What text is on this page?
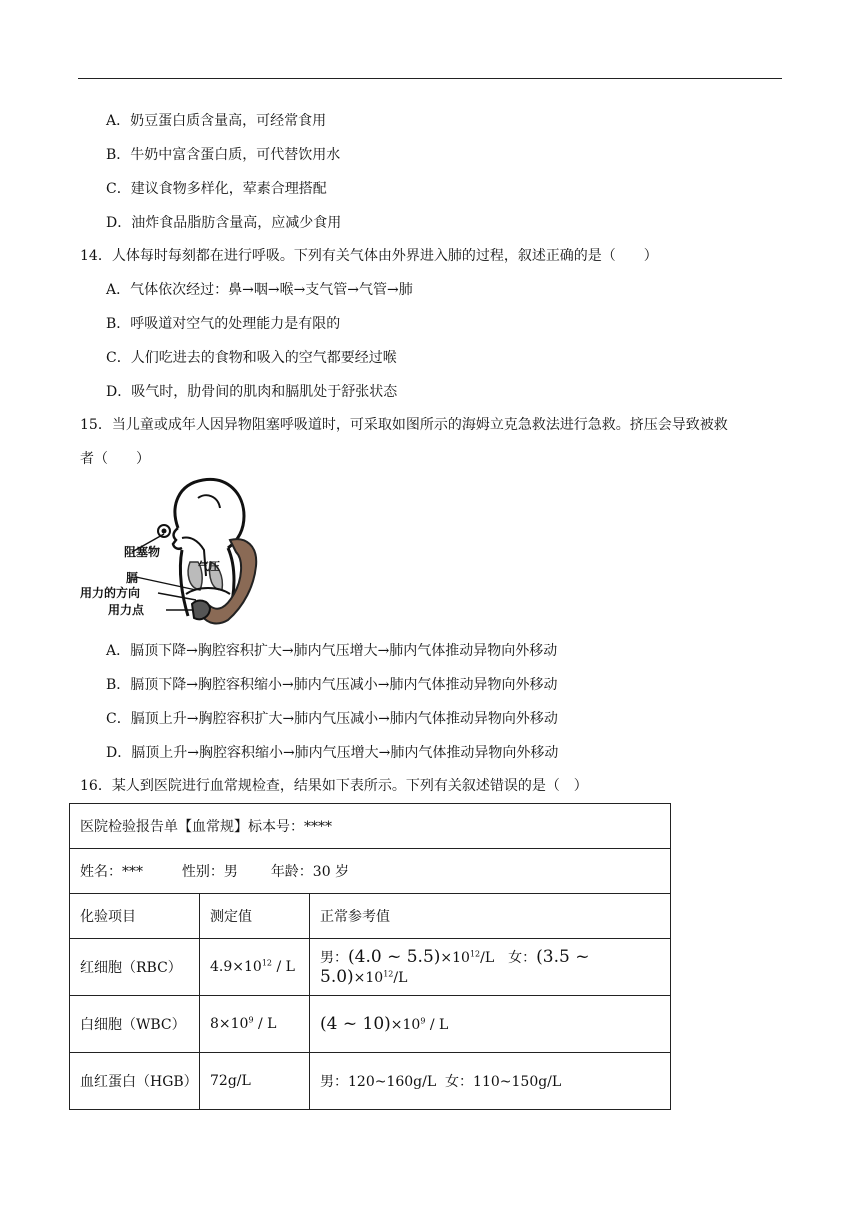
A．奶豆蛋白质含量高，可经常食用
B．牛奶中富含蛋白质，可代替饮用水
C．建议食物多样化，荤素合理搭配
D．油炸食品脂肪含量高，应减少食用
14．人体每时每刻都在进行呼吸。下列有关气体由外界进入肺的过程，叙述正确的是（　　）
A．气体依次经过：鼻→咽→喉→支气管→气管→肺
B．呼吸道对空气的处理能力是有限的
C．人们吃进去的食物和吸入的空气都要经过喉
D．吸气时，肋骨间的肌肉和膈肌处于舒张状态
15．当儿童或成年人因异物阻塞呼吸道时，可采取如图所示的海姆立克急救法进行急救。挤压会导致被救
者（　　）
阻塞物
膈
气压
用力的方向
用力点
A．膈顶下降→胸腔容积扩大→肺内气压增大→肺内气体推动异物向外移动
B．膈顶下降→胸腔容积缩小→肺内气压减小→肺内气体推动异物向外移动
C．膈顶上升→胸腔容积扩大→肺内气压减小→肺内气体推动异物向外移动
D．膈顶上升→胸腔容积缩小→肺内气压增大→肺内气体推动异物向外移动
16．某人到医院进行血常规检查，结果如下表所示。下列有关叙述错误的是（　）
医院检验报告单【血常规】标本号：****		
姓名：*** 性别：男 年龄：30 岁		
化验项目	测定值	正常参考值
红细胞（RBC）	$4.9\times 10^{12} / L$	男：(4.0 ~ $5.5)\times 10^{12}/L$ 女：(3.5 ~ $5.0)\times 10^{12}/L$
白细胞（WBC）	$8\times 10^9 / L$	(4 ~ $10)\times 10^9 / L$
血红蛋白（HGB）	72g/L	男：120~160g/L  女：110~150g/L
